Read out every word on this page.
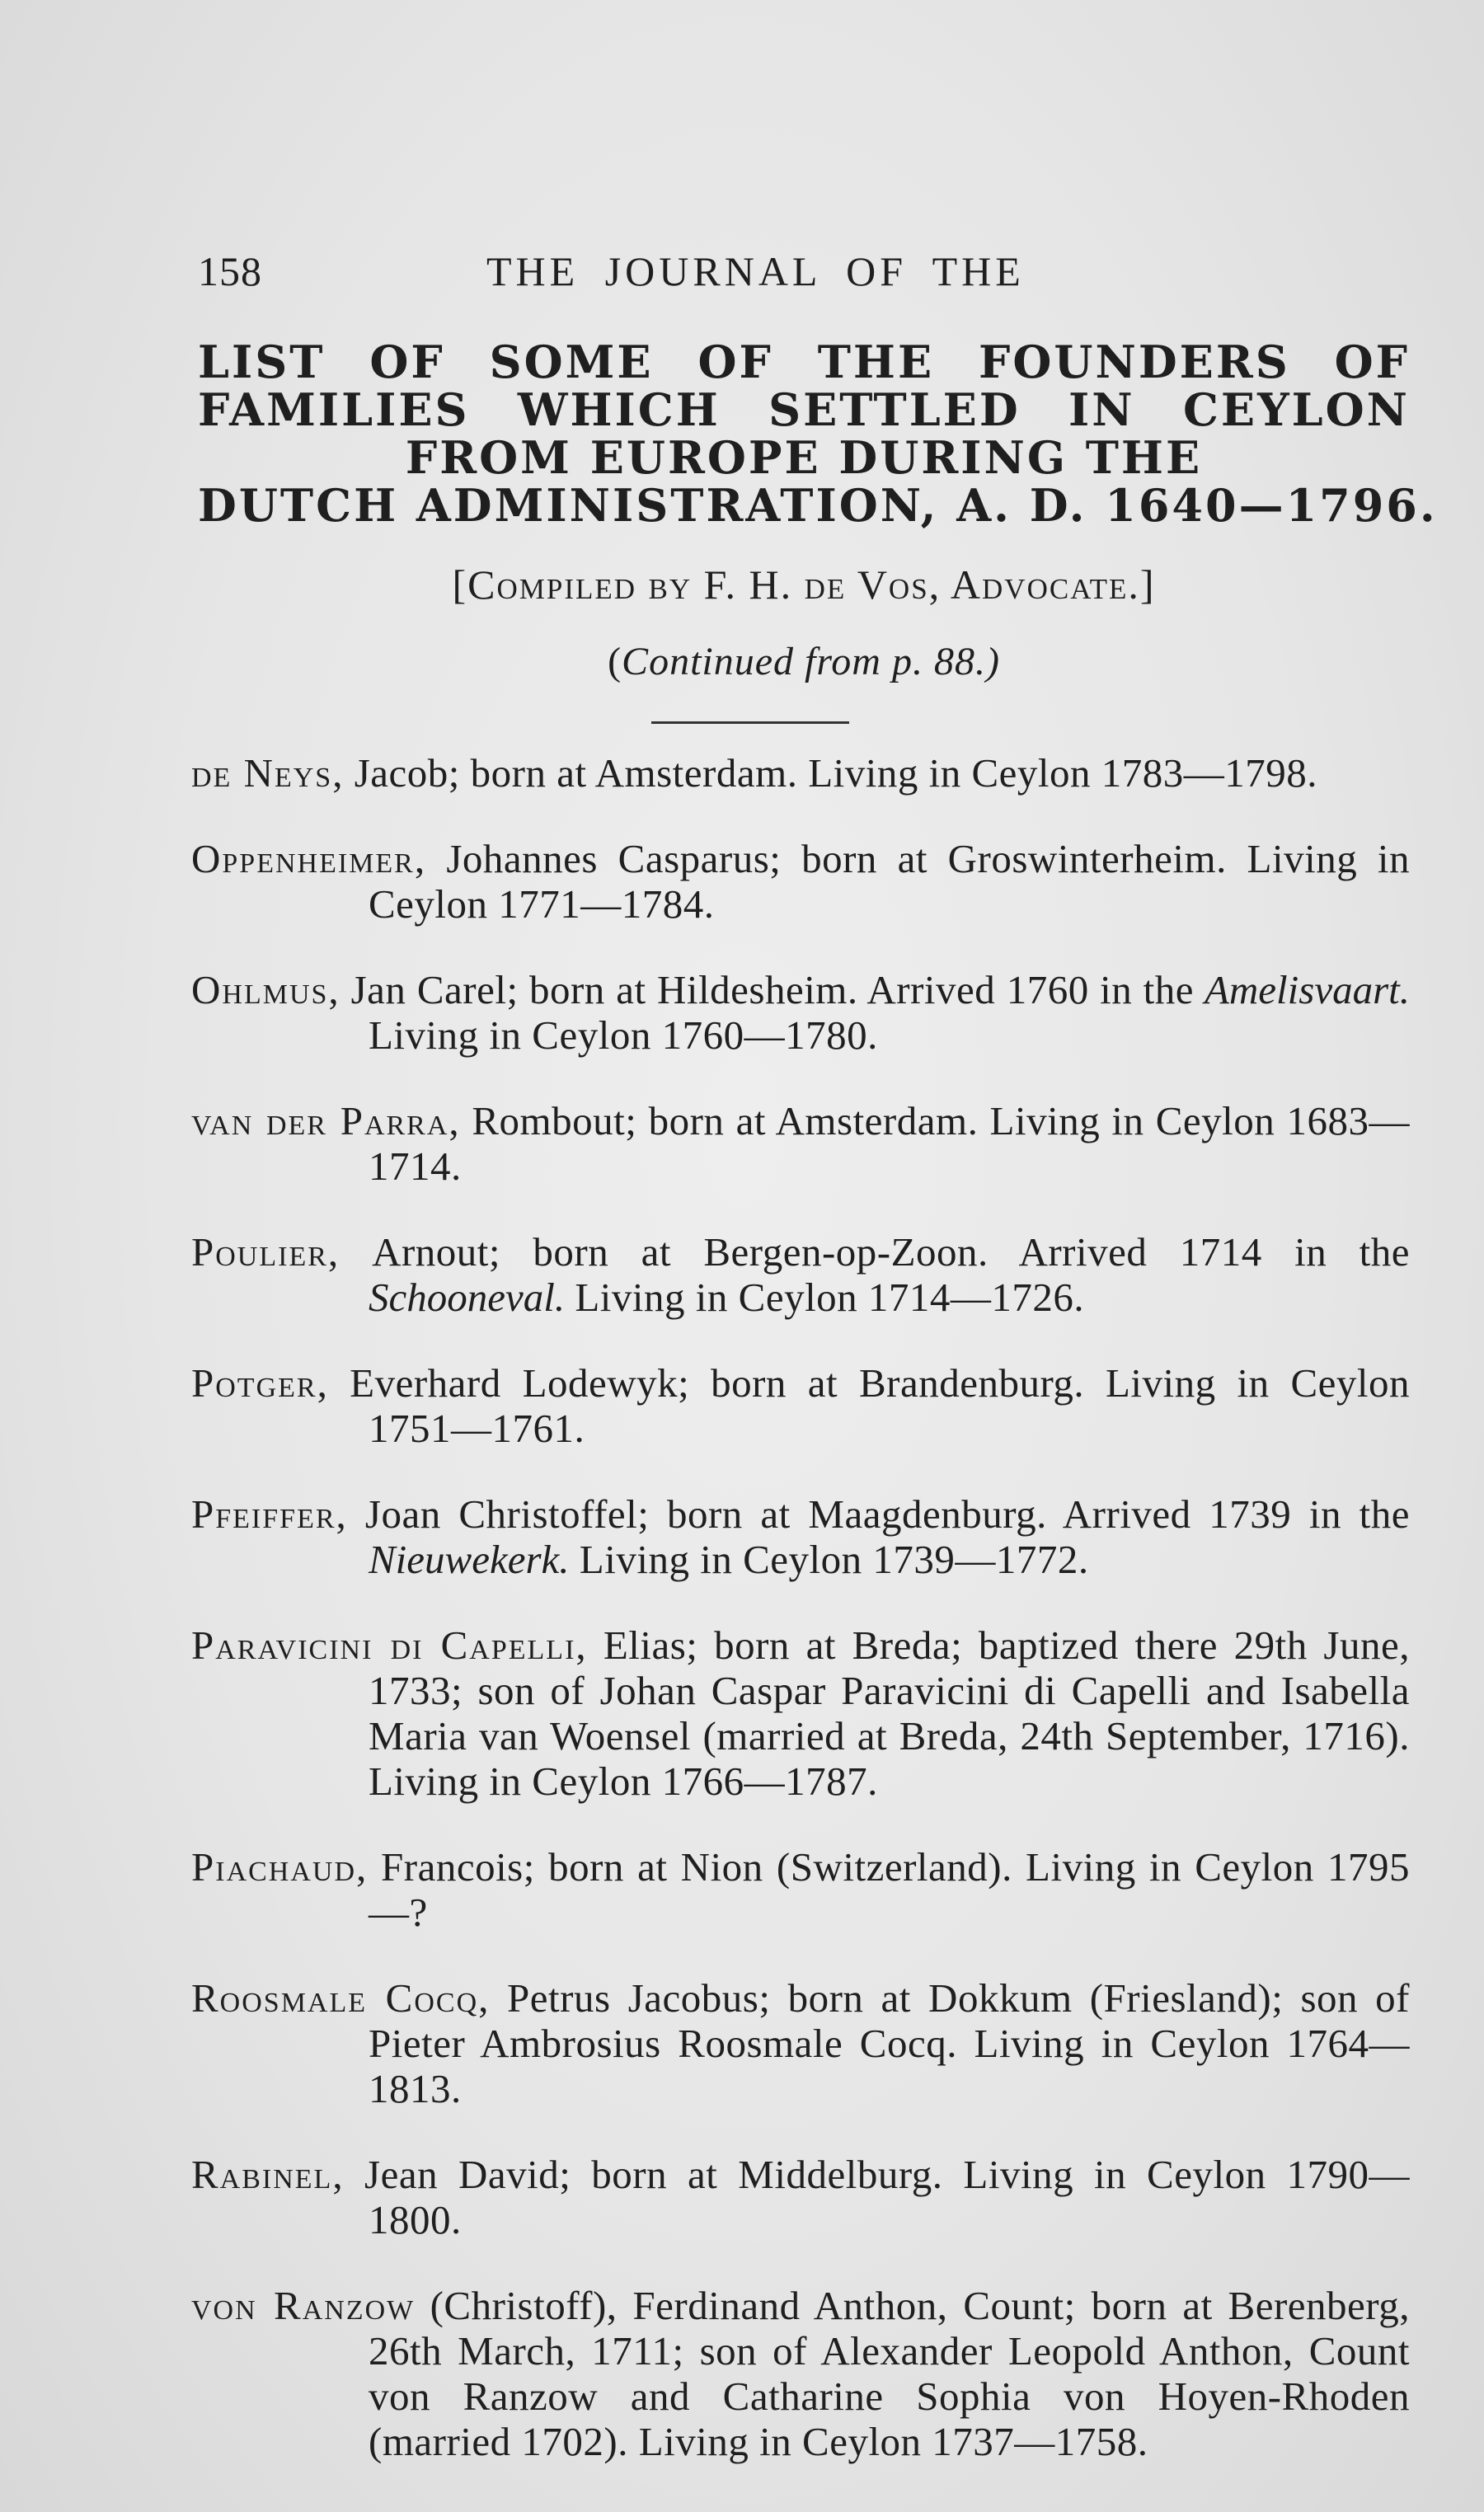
158	THE JOURNAL OF THE
LIST OF SOME OF THE FOUNDERS OF
FAMILIES WHICH SETTLED IN CEYLON
FROM EUROPE DURING THE
DUTCH ADMINISTRATION, A. D. 1640—1796.
[Compiled by F. H. de Vos, Advocate.]
(Continued from p. 88.)

de Neys, Jacob; born at Amsterdam. Living in Ceylon 1783—1798.

Oppenheimer, Johannes Casparus; born at Groswinterheim. Living in Ceylon 1771—1784.

Ohlmus, Jan Carel; born at Hildesheim. Arrived 1760 in the Amelisvaart. Living in Ceylon 1760—1780.

van der Parra, Rombout; born at Amsterdam. Living in Ceylon 1683—1714.

Poulier, Arnout; born at Bergen-op-Zoon. Arrived 1714 in the Schooneval. Living in Ceylon 1714—1726.

Potger, Everhard Lodewyk; born at Brandenburg. Living in Ceylon 1751—1761.

Pfeiffer, Joan Christoffel; born at Maagdenburg. Arrived 1739 in the Nieuwekerk. Living in Ceylon 1739—1772.

Paravicini di Capelli, Elias; born at Breda; baptized there 29th June, 1733; son of Johan Caspar Paravicini di Capelli and Isabella Maria van Woensel (married at Breda, 24th September, 1716). Living in Ceylon 1766—1787.

Piachaud, Francois; born at Nion (Switzerland). Living in Ceylon 1795—?

Roosmale Cocq, Petrus Jacobus; born at Dokkum (Friesland); son of Pieter Ambrosius Roosmale Cocq. Living in Ceylon 1764—1813.

Rabinel, Jean David; born at Middelburg. Living in Ceylon 1790—1800.

von Ranzow (Christoff), Ferdinand Anthon, Count; born at Berenberg, 26th March, 1711; son of Alexander Leopold Anthon, Count von Ranzow and Catharine Sophia von Hoyen-Rhoden (married 1702). Living in Ceylon 1737—1758.
